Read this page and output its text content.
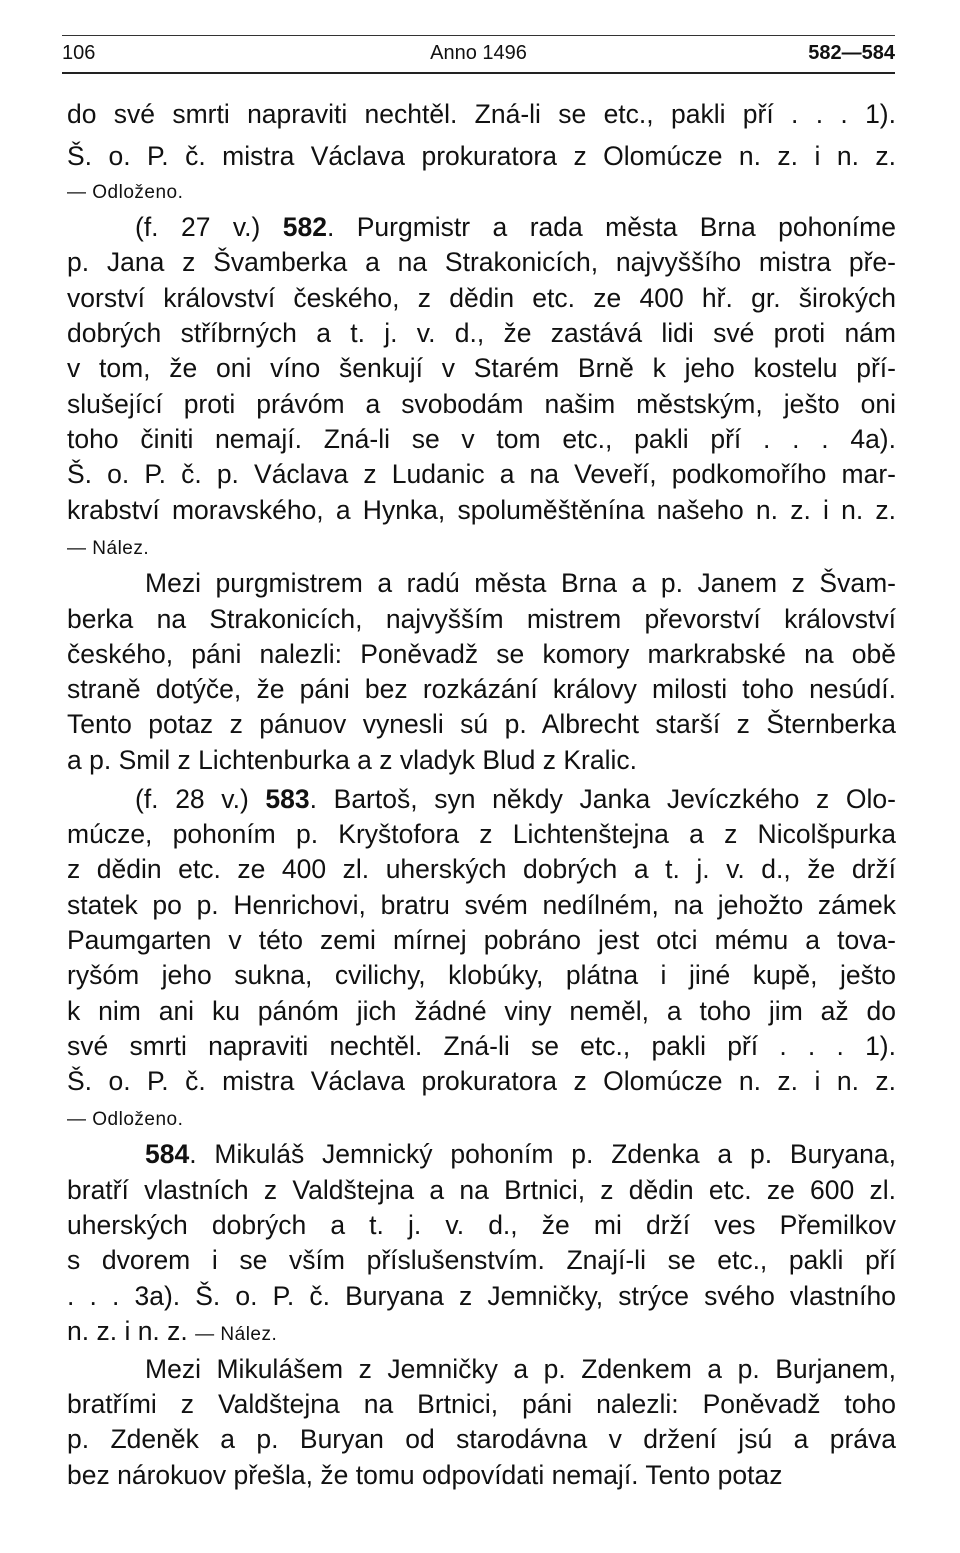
106	Anno 1496	582—584
do své smrti napraviti nechtěl. Zná-li se etc., pakli pří . . . 1).
Š. o. P. č. mistra Václava prokuratora z Olomúcze n. z. i n. z.
— Odloženo.
(f. 27 v.) 582. Purgmistr a rada města Brna pohoníme
p. Jana z Švamberka a na Strakonicích, najvyššího mistra pře-
vorství království českého, z dědin etc. ze 400 hř. gr. širokých
dobrých stříbrných a t. j. v. d., že zastává lidi své proti nám
v tom, že oni víno šenkují v Starém Brně k jeho kostelu pří-
slušející proti právóm a svobodám našim městským, ješto oni
toho činiti nemají. Zná-li se v tom etc., pakli pří . . . 4a).
Š. o. P. č. p. Václava z Ludanic a na Veveří, podkomořího mar-
krabství moravského, a Hynka, spoluměštěnína našeho n. z. i n. z.
— Nález.
Mezi purgmistrem a radú města Brna a p. Janem z Švam-
berka na Strakonicích, najvyšším mistrem převorství království
českého, páni nalezli: Poněvadž se komory markrabské na obě
straně dotýče, že páni bez rozkázání královy milosti toho nesúdí.
Tento potaz z pánuov vynesli sú p. Albrecht starší z Šternberka
a p. Smil z Lichtenburka a z vladyk Blud z Kralic.
(f. 28 v.) 583. Bartoš, syn někdy Janka Jevíczkého z Olo-
múcze, pohoním p. Kryštofora z Lichtenštejna a z Nicolšpurka
z dědin etc. ze 400 zl. uherských dobrých a t. j. v. d., že drží
statek po p. Henrichovi, bratru svém nedílném, na jehožto zámek
Paumgarten v této zemi mírnej pobráno jest otci mému a tova-
ryšóm jeho sukna, cvilichy, klobúky, plátna i jiné kupě, ješto
k nim ani ku pánóm jich žádné viny neměl, a toho jim až do
své smrti napraviti nechtěl. Zná-li se etc., pakli pří . . . 1).
Š. o. P. č. mistra Václava prokuratora z Olomúcze n. z. i n. z.
— Odloženo.
584. Mikuláš Jemnický pohoním p. Zdenka a p. Buryana,
bratří vlastních z Valdštejna a na Brtnici, z dědin etc. ze 600 zl.
uherských dobrých a t. j. v. d., že mi drží ves Přemilkov
s dvorem i se vším příslušenstvím. Znají-li se etc., pakli pří
. . . 3a). Š. o. P. č. Buryana z Jemničky, strýce svého vlastního
n. z. i n. z. — Nález.
Mezi Mikulášem z Jemničky a p. Zdenkem a p. Burjanem,
bratřími z Valdštejna na Brtnici, páni nalezli: Poněvadž toho
p. Zdeněk a p. Buryan od starodávna v držení jsú a práva
bez nárokuov přešla, že tomu odpovídati nemají. Tento potaz
